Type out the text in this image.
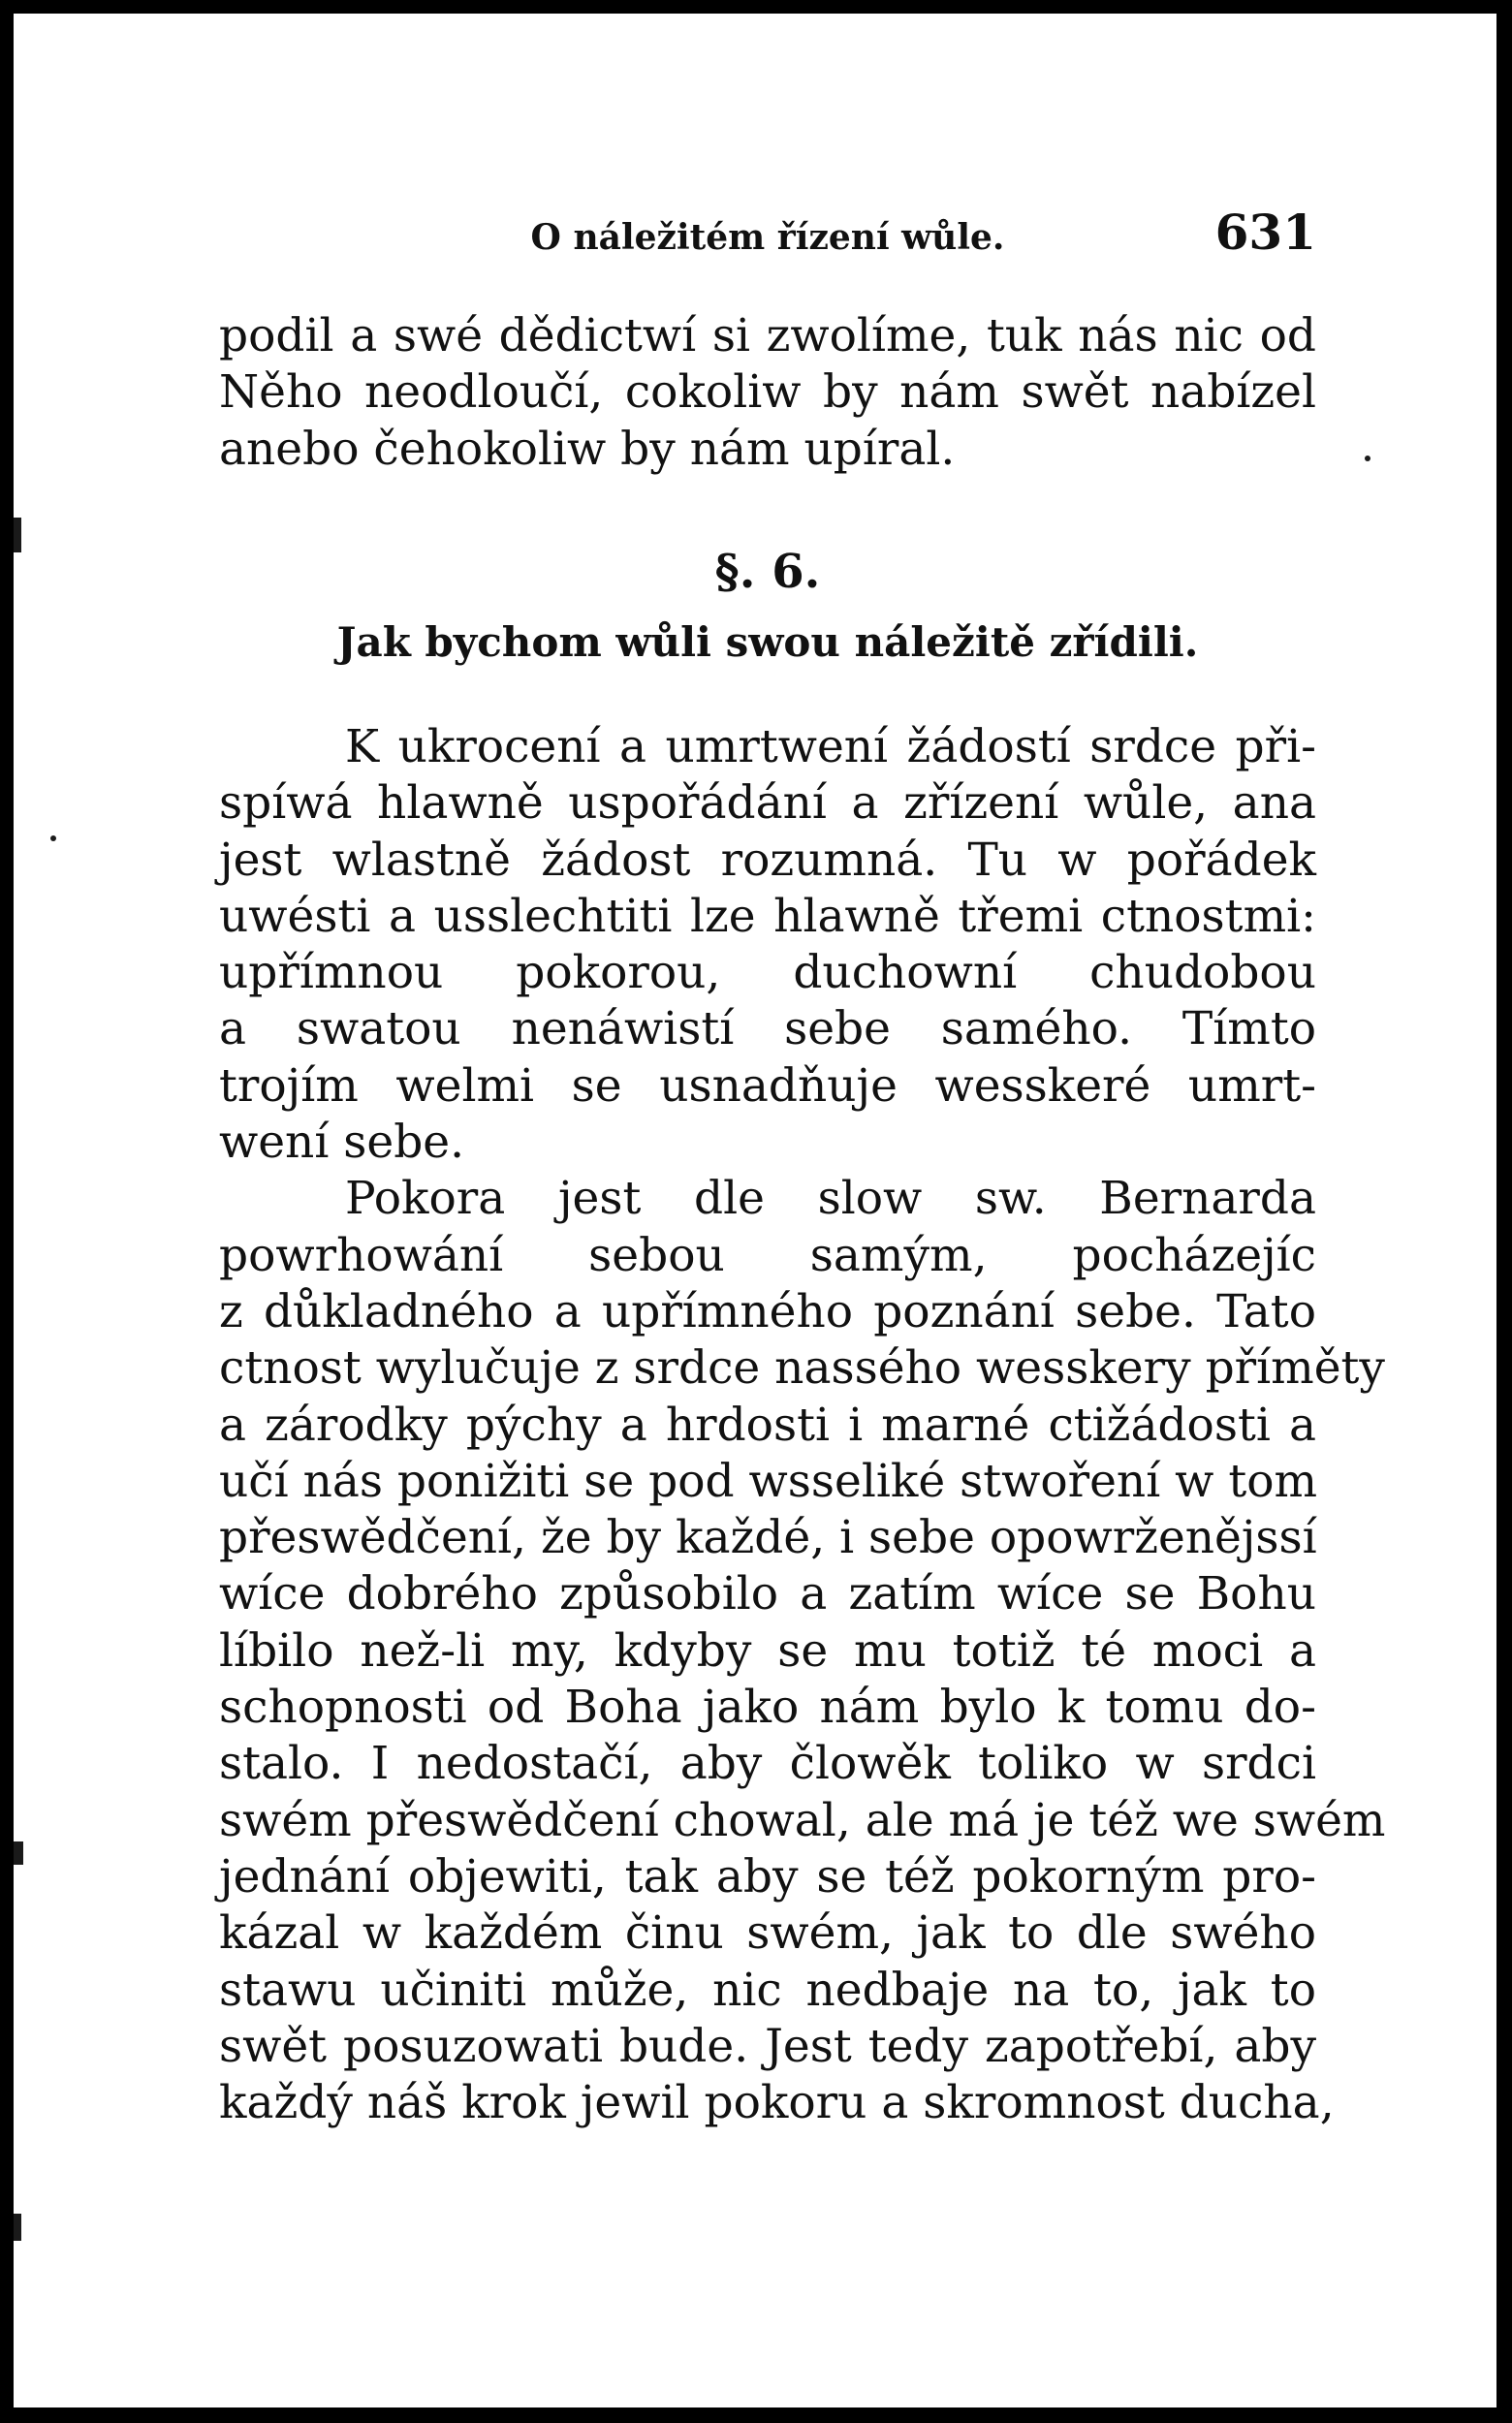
O náležitém řízení wůle.	631
podil a swé dědictwí si zwolíme, tuk nás nic od
Něho neodloučí, cokoliw by nám swět nabízel
anebo čehokoliw by nám upíral.
§. 6.
Jak bychom wůli swou náležitě zřídili.
K ukrocení a umrtwení žádostí srdce při-
spíwá hlawně uspořádání a zřízení wůle, ana
jest wlastně žádost rozumná. Tu w pořádek
uwésti a usslechtiti lze hlawně třemi ctnostmi:
upřímnou pokorou, duchowní chudobou
a swatou nenáwistí sebe samého. Tímto
trojím welmi se usnadňuje wesskeré umrt-
wení sebe.
Pokora jest dle slow sw. Bernarda
powrhowání sebou samým, pocházejíc
z důkladného a upřímného poznání sebe. Tato
ctnost wylučuje z srdce nassého wesskery příměty
a zárodky pýchy a hrdosti i marné ctižádosti a
učí nás ponižiti se pod wsseliké stwoření w tom
přeswědčení, že by každé, i sebe opowrženějssí
wíce dobrého způsobilo a zatím wíce se Bohu
líbilo než-li my, kdyby se mu totiž té moci a
schopnosti od Boha jako nám bylo k tomu do-
stalo. I nedostačí, aby člowěk toliko w srdci
swém přeswědčení chowal, ale má je též we swém
jednání objewiti, tak aby se též pokorným pro-
kázal w každém činu swém, jak to dle swého
stawu učiniti může, nic nedbaje na to, jak to
swět posuzowati bude. Jest tedy zapotřebí, aby
každý náš krok jewil pokoru a skromnost ducha,
